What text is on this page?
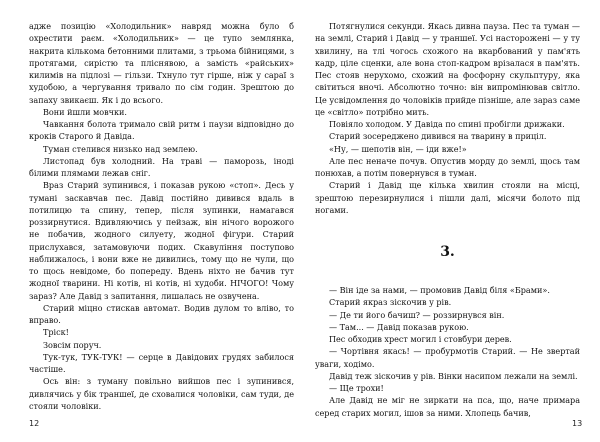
адже позицію «Холодильник» навряд можна було б охрестити раєм. «Холодильник» — це тупо землянка, накрита кількома бетонними плитами, з трьома бійницями, з протягами, сирістю та пліснявою, а замість «райських» килимів на підлозі — гільзи. Тхнуло тут гірше, ніж у сараї з худобою, а чергування тривало по сім годин. Зрештою до запаху звикаєш. Як і до всього.

Вони йшли мовчки.

Чавкання болота тримало свій ритм і паузи відповідно до кроків Старого й Давіда.

Туман стелився низько над землею.

Листопад був холодний. На траві — паморозь, іноді білими плямами лежав сніг.

Враз Старий зупинився, і показав рукою «стоп». Десь у тумані заскавчав пес. Давід постійно дивився вдаль в потилицю та спину, тепер, після зупинки, намагався роззирнутися. Вдивляючись у пейзаж, він нічого ворожого не побачив, жодного силуету, жодної фігури. Старий прислухався, затамовуючи подих. Скавуління поступово наближалось, і вони вже не дивились, тому що не чули, що то щось невідоме, бо попереду. Вдень ніхто не бачив тут жодної тварини. Ні котів, ні котів, ні худоби. НІЧОГО! Чому зараз? Але Давід з запитання, лишалась не озвучена.

Старий міцно стискав автомат. Водив дулом то вліво, то вправо.

Тріск!

Зовсім поруч.

Тук-тук, ТУК-ТУК! — серце в Давідових грудях забилося частіше.

Ось він: з туману повільно вийшов пес і зупинився, дивлячись у бік траншеї, де сховалися чоловіки, сам туди, де стояли чоловіки.

12

Потягнулися секунди. Якась дивна пауза. Пес та туман — на землі, Старий і Давід — у траншеї. Усі насторожені — у ту хвилину, на тлі чогось схожого на вкарбований у пам'ять кадр, ціле сценки, але вона стоп-кадром врізалася в пам'ять. Пес стояв нерухомо, схожий на фосфорну скульптуру, яка світиться вночі. Абсолютно точно: він випромінював світло. Це усвідомлення до чоловіків прийде пізніше, але зараз саме це «світло» потрібно мить.

Повіяло холодом. У Давіда по спині пробігли дрижаки.

Старий зосереджено дивився на тварину в приціл.

«Ну, — шепотів він, — іди вже!»

Але пес неначе почув. Опустив морду до землі, щось там понюхав, а потім повернувся в туман.

Старий і Давід ще кілька хвилин стояли на місці, зрештою перезирнулися і пішли далі, місячи болото під ногами.

3.

— Він іде за нами, — промовив Давід біля «Брами».

Старий якраз зіскочив у рів.

— Де ти його бачиш? — роззирнувся він.

— Там... — Давід показав рукою.

Пес обходив хрест могил і стовбури дерев.

— Чортівня якась! — пробурмотів Старий. — Не звертай уваги, ходімо.

Давід теж зіскочив у рів. Вінки насипом лежали на землі.

— Ще трохи!

Але Давід не міг не зиркати на пса, що, наче примара серед старих могил, ішов за ними. Хлопець бачив,

13
